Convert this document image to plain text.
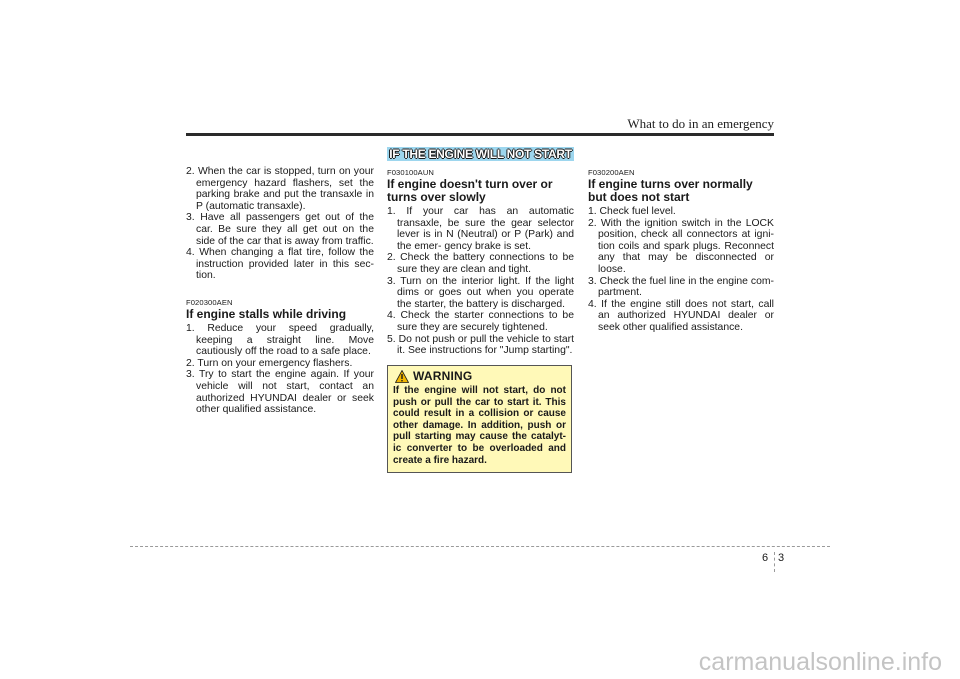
What to do in an emergency
IF THE ENGINE WILL NOT START
2. When the car is stopped, turn on your emergency hazard flashers, set the parking brake and put the transaxle in P (automatic transaxle).
3. Have all passengers get out of the car. Be sure they all get out on the side of the car that is away from traffic.
4. When changing a flat tire, follow the instruction provided later in this sec- tion.

F020300AEN

If engine stalls while driving

1. Reduce your speed gradually, keeping a straight line. Move cautiously off the road to a safe place.
2. Turn on your emergency flashers.
3. Try to start the engine again. If your vehicle will not start, contact an authorized HYUNDAI dealer or seek other qualified assistance.

F030100AUN

If engine doesn't turn over or turns over slowly

1. If your car has an automatic transaxle, be sure the gear selector lever is in N (Neutral) or P (Park) and the emer- gency brake is set.
2. Check the battery connections to be sure they are clean and tight.
3. Turn on the interior light. If the light dims or goes out when you operate the starter, the battery is discharged.
4. Check the starter connections to be sure they are securely tightened.
5. Do not push or pull the vehicle to start it. See instructions for "Jump starting".
WARNING
If the engine will not start, do not push or pull the car to start it. This could result in a collision or cause other damage. In addition, push or pull starting may cause the catalyt- ic converter to be overloaded and create a fire hazard.

F030200AEN

If engine turns over normally but does not start

1. Check fuel level.
2. With the ignition switch in the LOCK position, check all connectors at igni- tion coils and spark plugs. Reconnect any that may be disconnected or loose.
3. Check the fuel line in the engine com- partment.
4. If the engine still does not start, call an authorized HYUNDAI dealer or seek other qualified assistance.
6 3
carmanualsonline.info
